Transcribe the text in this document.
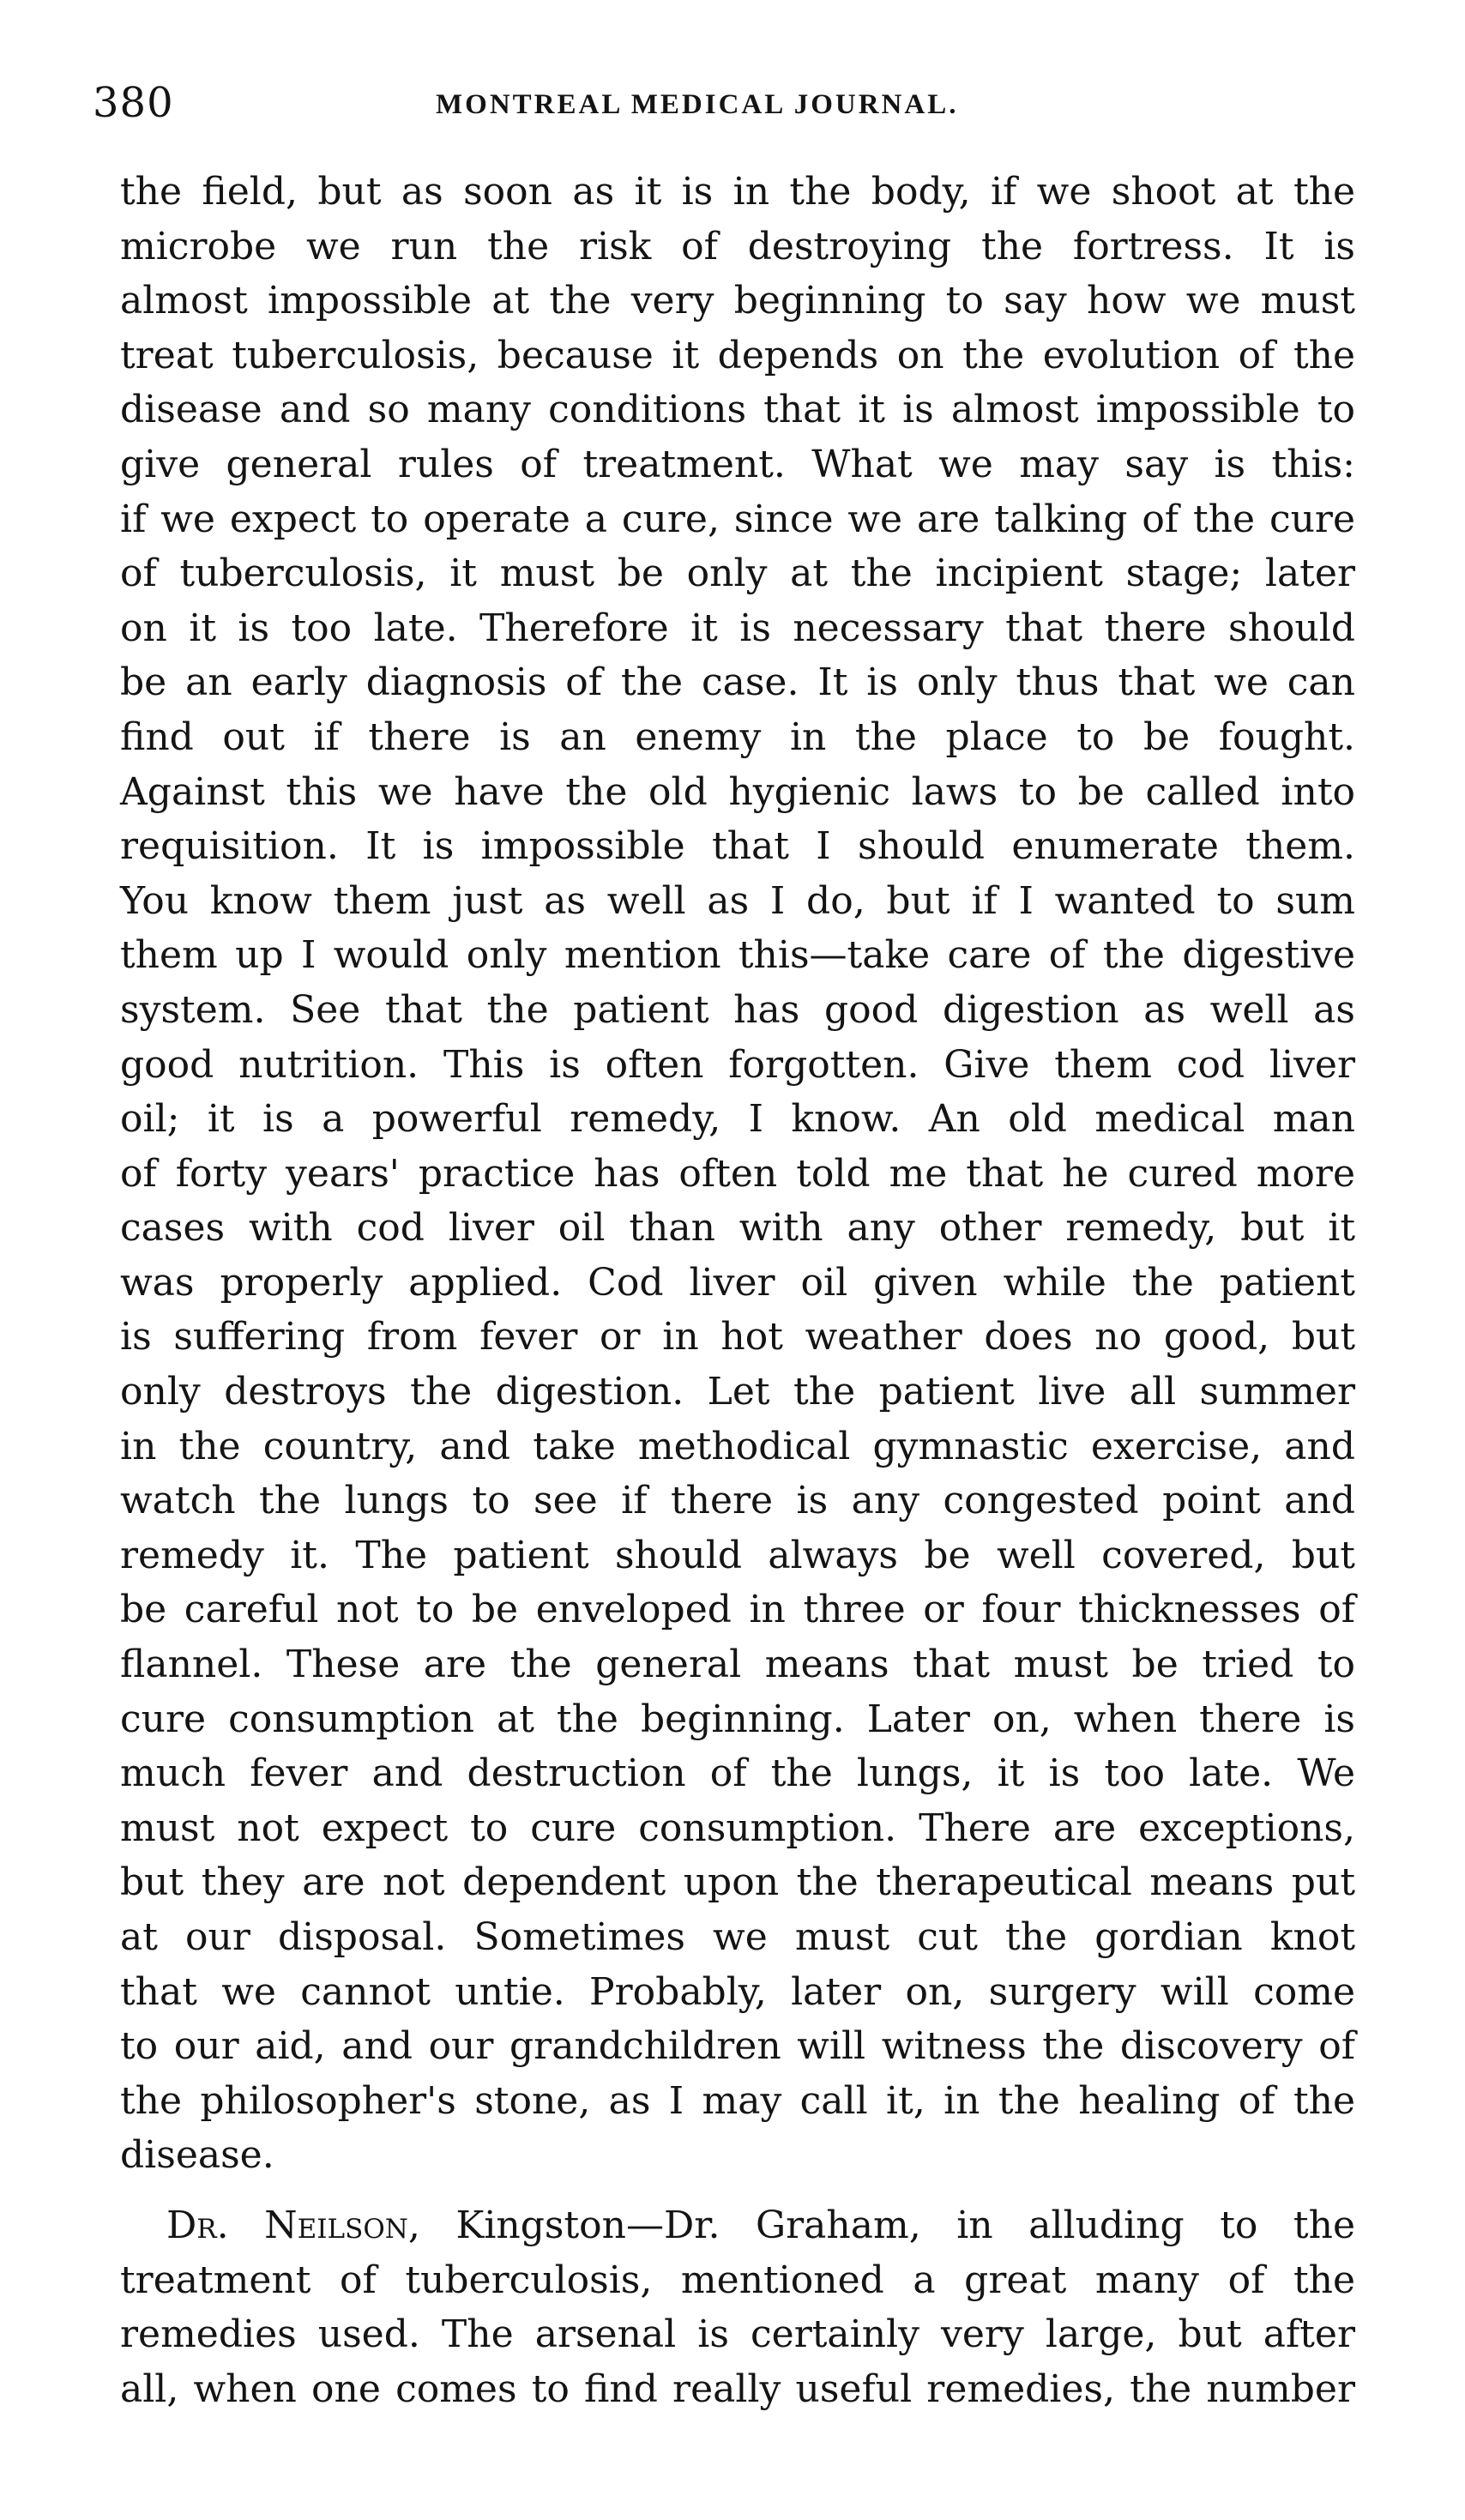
380	MONTREAL MEDICAL JOURNAL.
the field, but as soon as it is in the body, if we shoot at the
microbe we run the risk of destroying the fortress. It is
almost impossible at the very beginning to say how we must
treat tuberculosis, because it depends on the evolution of the
disease and so many conditions that it is almost impossible to
give general rules of treatment. What we may say is this:
if we expect to operate a cure, since we are talking of the cure
of tuberculosis, it must be only at the incipient stage; later
on it is too late. Therefore it is necessary that there should
be an early diagnosis of the case. It is only thus that we can
find out if there is an enemy in the place to be fought.
Against this we have the old hygienic laws to be called into
requisition. It is impossible that I should enumerate them.
You know them just as well as I do, but if I wanted to sum
them up I would only mention this—take care of the digestive
system. See that the patient has good digestion as well as
good nutrition. This is often forgotten. Give them cod liver
oil; it is a powerful remedy, I know. An old medical man
of forty years' practice has often told me that he cured more
cases with cod liver oil than with any other remedy, but it
was properly applied. Cod liver oil given while the patient
is suffering from fever or in hot weather does no good, but
only destroys the digestion. Let the patient live all summer
in the country, and take methodical gymnastic exercise, and
watch the lungs to see if there is any congested point and
remedy it. The patient should always be well covered, but
be careful not to be enveloped in three or four thicknesses of
flannel. These are the general means that must be tried to
cure consumption at the beginning. Later on, when there is
much fever and destruction of the lungs, it is too late. We
must not expect to cure consumption. There are exceptions,
but they are not dependent upon the therapeutical means put
at our disposal. Sometimes we must cut the gordian knot
that we cannot untie. Probably, later on, surgery will come
to our aid, and our grandchildren will witness the discovery of
the philosopher's stone, as I may call it, in the healing of the
disease.
Dr. Neilson, Kingston—Dr. Graham, in alluding to the
treatment of tuberculosis, mentioned a great many of the
remedies used. The arsenal is certainly very large, but after
all, when one comes to find really useful remedies, the number
